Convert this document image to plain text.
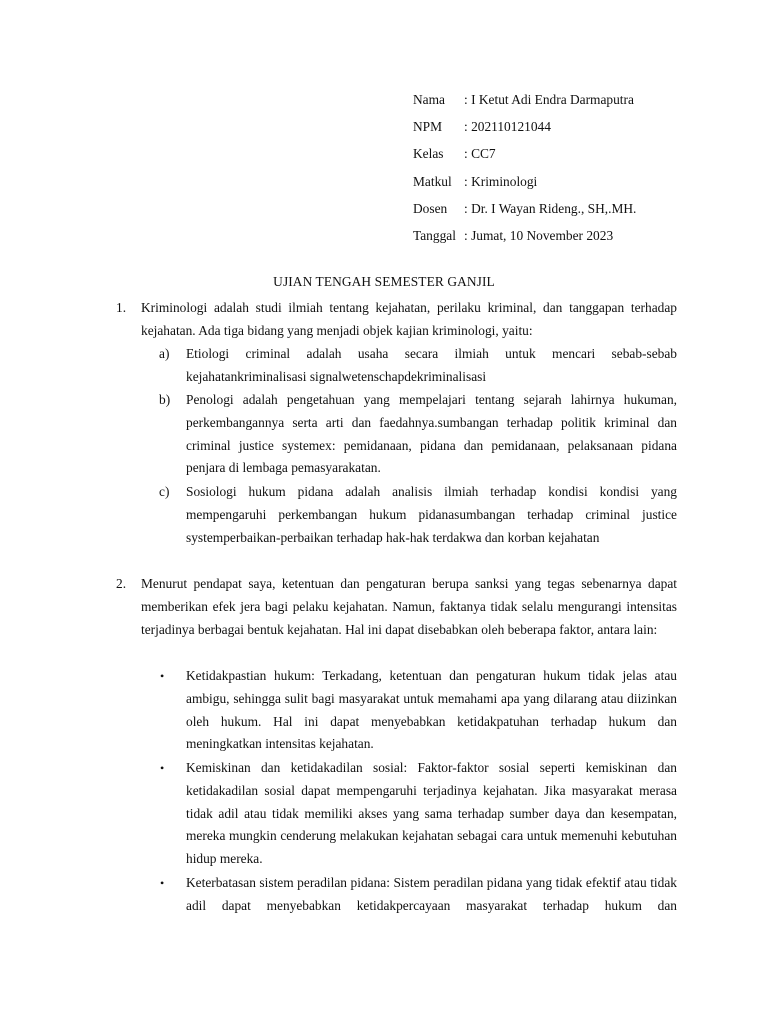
Nama	: I Ketut Adi Endra Darmaputra
NPM	: 202110121044
Kelas	: CC7
Matkul : Kriminologi
Dosen	: Dr. I Wayan Rideng., SH,.MH.
Tanggal : Jumat, 10 November 2023
UJIAN TENGAH SEMESTER GANJIL
1. Kriminologi adalah studi ilmiah tentang kejahatan, perilaku kriminal, dan tanggapan terhadap kejahatan. Ada tiga bidang yang menjadi objek kajian kriminologi, yaitu:
a) Etiologi criminal adalah usaha secara ilmiah untuk mencari sebab-sebab kejahatankriminalisasi signalwetenschapdekriminalisasi
b) Penologi adalah pengetahuan yang mempelajari tentang sejarah lahirnya hukuman, perkembangannya serta arti dan faedahnya.sumbangan terhadap politik kriminal dan criminal justice systemex: pemidanaan, pidana dan pemidanaan, pelaksanaan pidana penjara di lembaga pemasyarakatan.
c) Sosiologi hukum pidana adalah analisis ilmiah terhadap kondisi kondisi yang mempengaruhi perkembangan hukum pidanasumbangan terhadap criminal justice systemperbaikan-perbaikan terhadap hak-hak terdakwa dan korban kejahatan
2. Menurut pendapat saya, ketentuan dan pengaturan berupa sanksi yang tegas sebenarnya dapat memberikan efek jera bagi pelaku kejahatan. Namun, faktanya tidak selalu mengurangi intensitas terjadinya berbagai bentuk kejahatan. Hal ini dapat disebabkan oleh beberapa faktor, antara lain:
• Ketidakpastian hukum: Terkadang, ketentuan dan pengaturan hukum tidak jelas atau ambigu, sehingga sulit bagi masyarakat untuk memahami apa yang dilarang atau diizinkan oleh hukum. Hal ini dapat menyebabkan ketidakpatuhan terhadap hukum dan meningkatkan intensitas kejahatan.
• Kemiskinan dan ketidakadilan sosial: Faktor-faktor sosial seperti kemiskinan dan ketidakadilan sosial dapat mempengaruhi terjadinya kejahatan. Jika masyarakat merasa tidak adil atau tidak memiliki akses yang sama terhadap sumber daya dan kesempatan, mereka mungkin cenderung melakukan kejahatan sebagai cara untuk memenuhi kebutuhan hidup mereka.
• Keterbatasan sistem peradilan pidana: Sistem peradilan pidana yang tidak efektif atau tidak adil dapat menyebabkan ketidakpercayaan masyarakat terhadap hukum dan
